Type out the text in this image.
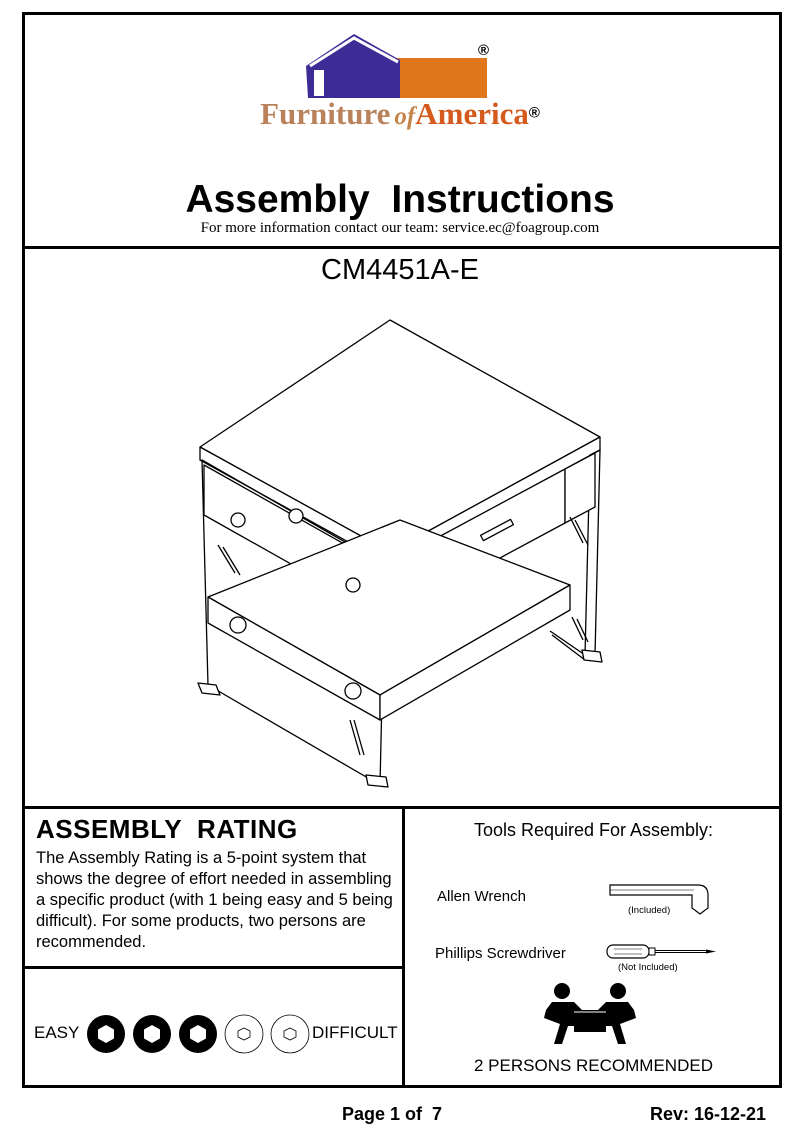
®
Furniture ofAmerica®
Assembly  Instructions
For more information contact our team: service.ec@foagroup.com
CM4451A-E
ASSEMBLY  RATING
The Assembly Rating is a 5-point system that shows the degree of effort needed in assembling a specific product (with 1 being easy and 5 being difficult). For some products, two persons are recommended.
EASY	DIFFICULT
Tools Required For Assembly:
Allen Wrench
(Included)
Phillips Screwdriver
(Not Included)
2 PERSONS RECOMMENDED
Page 1 of  7	Rev: 16-12-21
